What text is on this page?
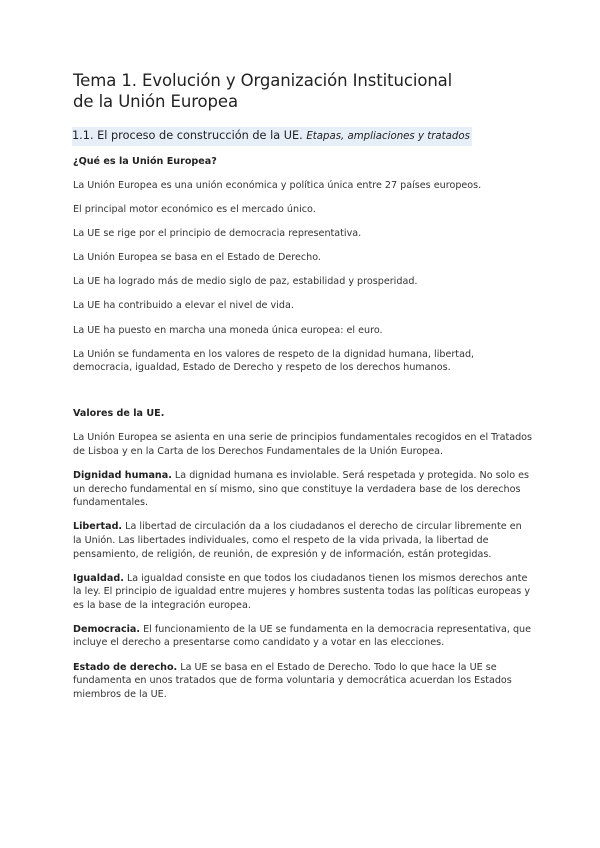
Tema 1. Evolución y Organización Institucional
de la Unión Europea
1.1. El proceso de construcción de la UE. Etapas, ampliaciones y tratados
¿Qué es la Unión Europea?

La Unión Europea es una unión económica y política única entre 27 países europeos.

El principal motor económico es el mercado único.

La UE se rige por el principio de democracia representativa.

La Unión Europea se basa en el Estado de Derecho.

La UE ha logrado más de medio siglo de paz, estabilidad y prosperidad.

La UE ha contribuido a elevar el nivel de vida.

La UE ha puesto en marcha una moneda única europea: el euro.

La Unión se fundamenta en los valores de respeto de la dignidad humana, libertad, democracia, igualdad, Estado de Derecho y respeto de los derechos humanos.

Valores de la UE.

La Unión Europea se asienta en una serie de principios fundamentales recogidos en el Tratados de Lisboa y en la Carta de los Derechos Fundamentales de la Unión Europea.

Dignidad humana. La dignidad humana es inviolable. Será respetada y protegida. No solo es un derecho fundamental en sí mismo, sino que constituye la verdadera base de los derechos fundamentales.

Libertad. La libertad de circulación da a los ciudadanos el derecho de circular libremente en la Unión. Las libertades individuales, como el respeto de la vida privada, la libertad de pensamiento, de religión, de reunión, de expresión y de información, están protegidas.

Igualdad. La igualdad consiste en que todos los ciudadanos tienen los mismos derechos ante la ley. El principio de igualdad entre mujeres y hombres sustenta todas las políticas europeas y es la base de la integración europea.

Democracia. El funcionamiento de la UE se fundamenta en la democracia representativa, que incluye el derecho a presentarse como candidato y a votar en las elecciones.

Estado de derecho. La UE se basa en el Estado de Derecho. Todo lo que hace la UE se fundamenta en unos tratados que de forma voluntaria y democrática acuerdan los Estados miembros de la UE.
